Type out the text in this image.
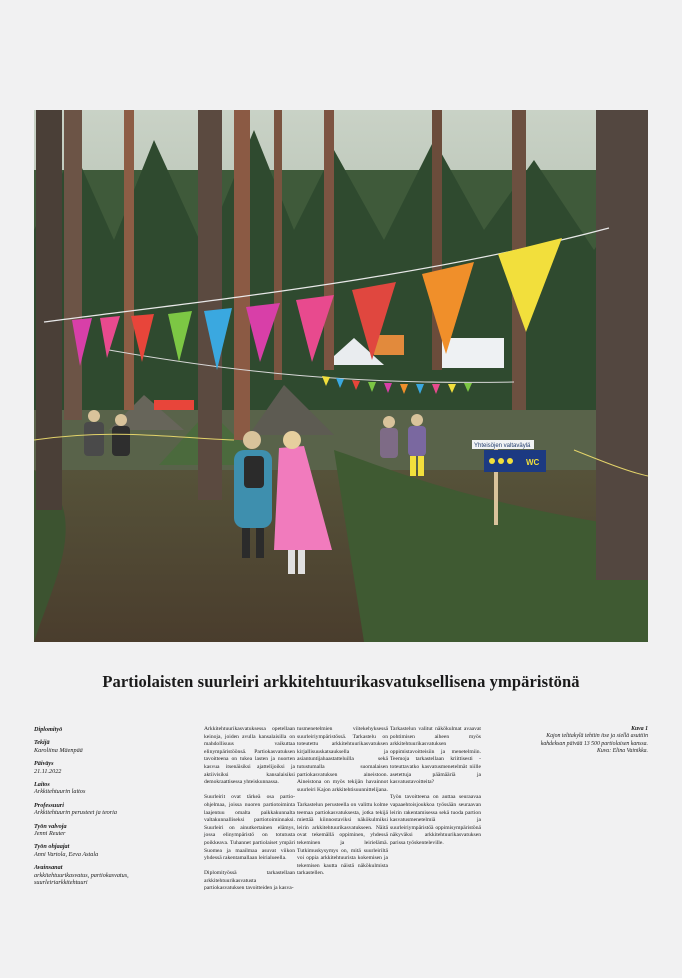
Yhteisöjen valtaväylä
WC
Partiolaisten suurleiri arkkitehtuurikasvatuksellisena ympäristönä
Diplomityö
Tekijä
Karoliina Mäenpää
Päiväys
21.11.2022
Laitos
Arkkitehtuurin laitos
Professuuri
Arkkitehtuurin perusteet ja teoria
Työn valvoja
Jenni Reuter
Työn ohjaajat
Anni Vartola, Eeva Astala
Avainsanat
arkkitehtuurikasvatus, partiokasvatus, suurleiriarkkitehtuuri

Arkkitehtuurikasvatuksessa opetellaan keinoja, joiden avulla kansalaisilla on mahdollisuus vaikuttaa elinympäristöönsä. Partiokasvatuksen tavoitteena on tukea lasten ja nuorten kasvua itsenäisiksi ajattelijoiksi ja aktiivisiksi kansalaisiksi demokraattisessa yhteiskunnassa.

Suurleirit ovat tärkeä osa partio-ohjelmaa, joissa nuoren partiotoiminta laajentuu omalta paikkakunnalta valtakunnalliseksi partiotoiminnaksi. Suurleiri on ainutkertainen elämys, jossa elinympäristö on totutusta poikkeava. Tuhannet partiolaiset ympäri Suomea ja maailmaa asuvat viikon yhdessä rakentamallaan leirialueella.

Diplomityössä tarkastellaan arkkitehtuurikasvatusta partiokasvatuksen tavoitteiden ja kasva-

tusmenetelmien viitekehyksessä suurleiriympäristössä. Tarkastelu on toteutettu arkkitehtuurikasvatuksen kirjallisuuskatsauksella ja asiantuntijahaastatteluilla sekä tutustumalla suomalaisen partiokasvatuksen aineistoon. Aineistona on myös tekijän havainnot suurleiri Kajon arkkitehtisuunnittelijana.

Tarkastelun perusteella on valittu kolme teemaa partiokasvatuksesta, jotka tekijä miettää kiinnostaviksi näkökulmiksi leirin arkkitehtuurikasvatukseen. Näitä ovat tekemällä oppiminen, yhdessä tekeminen ja leirielämä. Tutkimuskysymys on, mitä suurleiriltä voi oppia arkkitehtuurista kokemisen ja tekemisen kautta näistä näkökulmista tarkastellen.

Tarkastelun valitut näkökulmat avaavat pohtimisen aiheen myös arkkitehtuurikasvatuksen oppimistavoitteisiin ja menetelmiin. Teemoja tarkastellaan kriittisesti - toteuttavatko kasvatusmenetelmät niille asetettuja päämääriä ja kasvatustavoitteita?

Työn tavoitteena on auttaa seuraavaa vapaaehtoisjoukkoa työssään seuraavan leirin rakentamisessa sekä tuoda partion kasvatusmenetelmiä ja suurleiriympäristöä oppimisympäristönä näkyväksi arkkitehtuurikasvatuksen parissa työskenteleville.

Kuva 1
Kajon telttakylä tehtiin itse ja siellä asuttiin kahdeksan päivää 13 500 partiolaisen kanssa.
Kuva: Elina Vainikka.
